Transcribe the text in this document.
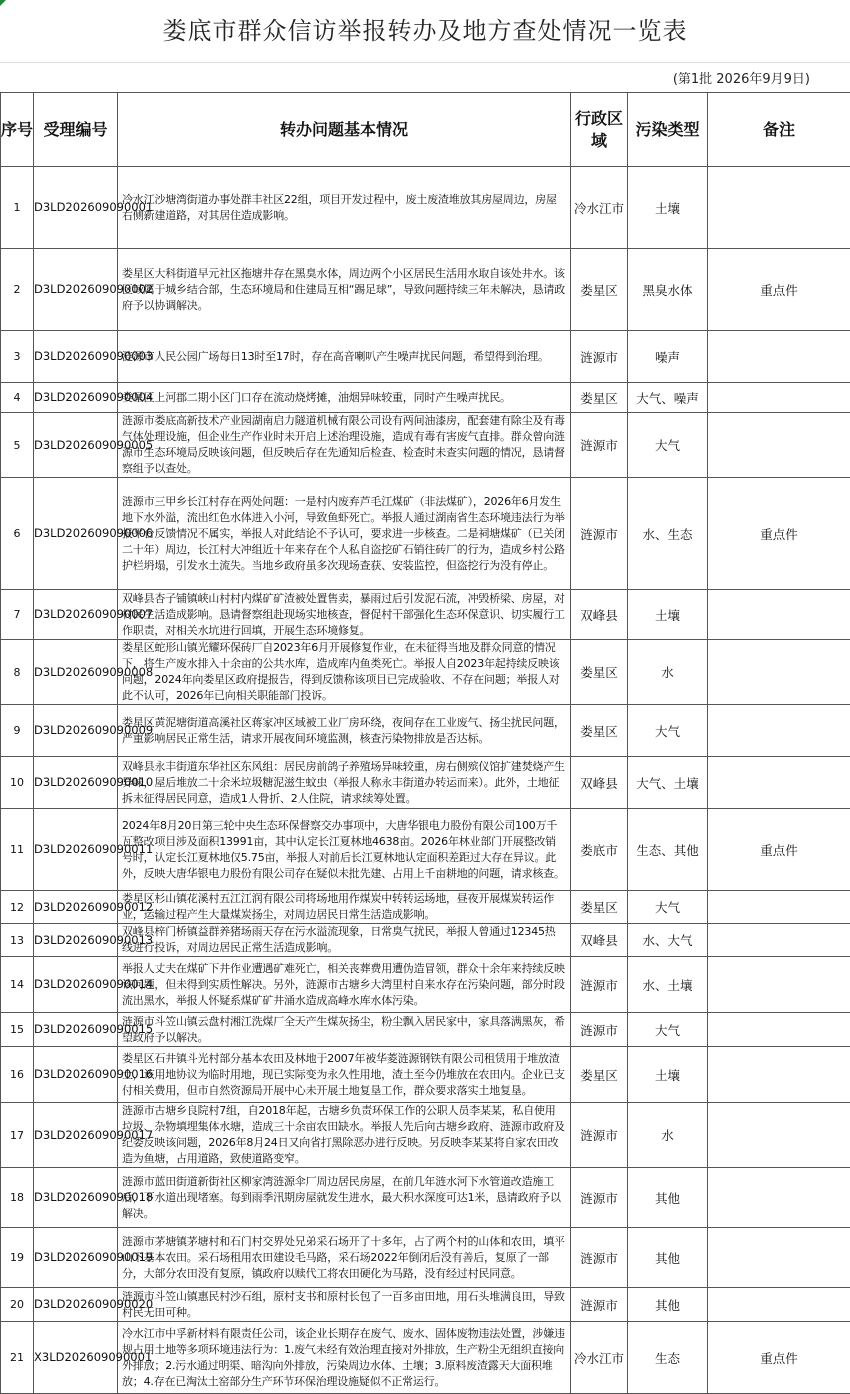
娄底市群众信访举报转办及地方查处情况一览表
(第1批 2026年9月9日)
序号	受理编号	转办问题基本情况	行政区域	污染类型	备注
1	D3LD202609090001	冷水江沙塘湾街道办事处群丰社区22组，项目开发过程中，废土废渣堆放其房屋周边，房屋右侧新建道路，对其居住造成影响。	冷水江市	土壤	
2	D3LD202609090002	娄星区大科街道早元社区拖塘井存在黑臭水体，周边两个小区居民生活用水取自该处井水。该区域属于城乡结合部，生态环境局和住建局互相“踢足球”，导致问题持续三年未解决，恳请政府予以协调解决。	娄星区	黑臭水体	重点件
3	D3LD202609090003	涟源市人民公园广场每日13时至17时，存在高音喇叭产生噪声扰民问题，希望得到治理。	涟源市	噪声	
4	D3LD202609090004	娄星区上河郡二期小区门口存在流动烧烤摊，油烟异味较重，同时产生噪声扰民。	娄星区	大气、噪声	
5	D3LD202609090005	涟源市娄底高新技术产业园湖南启力隧道机械有限公司设有两间油漆房，配套建有除尘及有毒气体处理设施，但企业生产作业时未开启上述治理设施，造成有毒有害废气直排。群众曾向涟源市生态环境局反映该问题，但反映后存在先通知后检查、检查时未查实问题的情况，恳请督察组予以查处。	涟源市	大气	
6	D3LD202609090006	涟源市三甲乡长江村存在两处问题：一是村内废弃芦毛江煤矿（非法煤矿），2026年6月发生地下水外溢，流出红色水体进入小河，导致鱼虾死亡。举报人通过湖南省生态环境违法行为举报平台反馈情况不属实，举报人对此结论不予认可，要求进一步核查。二是祠塘煤矿（已关闭二十年）周边，长江村大冲组近十年来存在个人私自盗挖矿石销往砖厂的行为，造成乡村公路护栏坍塌，引发水土流失。当地乡政府虽多次现场查获、安装监控，但盗挖行为没有停止。	涟源市	水、生态	重点件
7	D3LD202609090007	双峰县杏子铺镇峡山村村内煤矿矿渣被处置售卖，暴雨过后引发泥石流，冲毁桥梁、房屋，对村民生活造成影响。恳请督察组赴现场实地核查，督促村干部强化生态环保意识、切实履行工作职责，对相关水坑进行回填，开展生态环境修复。	双峰县	土壤	
8	D3LD202609090008	娄星区蛇形山镇光耀环保砖厂自2023年6月开展修复作业，在未征得当地及群众同意的情况下，将生产废水排入十余亩的公共水库，造成库内鱼类死亡。举报人自2023年起持续反映该问题，2024年向娄星区政府提报告，得到反馈称该项目已完成验收、不存在问题；举报人对此不认可，2026年已向相关职能部门投诉。	娄星区	水	
9	D3LD202609090009	娄星区黄泥塘街道高溪社区蒋家冲区域被工业厂房环绕，夜间存在工业废气、扬尘扰民问题，严重影响居民正常生活，请求开展夜间环境监测，核查污染物排放是否达标。	娄星区	大气	
10	D3LD202609090010	双峰县永丰街道东华社区东风组：居民房前鸽子养殖场异味较重，房右侧殡仪馆扩建焚烧产生异味，屋后堆放二十余米垃圾糖泥滋生蚊虫（举报人称永丰街道办转运而来）。此外，土地征拆未征得居民同意，造成1人骨折、2人住院，请求续筹处置。	双峰县	大气、土壤	
11	D3LD202609090011	2024年8月20日第三轮中央生态环保督察交办事项中，大唐华银电力股份有限公司100万千瓦整改项目涉及面积13991亩，其中认定长江夏林地4638亩。2026年林业部门开展整改销号时，认定长江夏林地仅5.75亩，举报人对前后长江夏林地认定面积差距过大存在异议。此外，反映大唐华银电力股份有限公司存在疑似未批先建、占用上千亩耕地的问题，请求核查。	娄底市	生态、其他	重点件
12	D3LD202609090012	娄星区杉山镇花溪村五江江润有限公司将场地用作煤炭中转转运场地，昼夜开展煤炭转运作业，运输过程产生大量煤炭扬尘，对周边居民日常生活造成影响。	娄星区	大气	
13	D3LD202609090013	双峰县梓门桥镇益群养猪场雨天存在污水溢流现象，日常臭气扰民，举报人曾通过12345热线进行投诉，对周边居民正常生活造成影响。	双峰县	水、大气	
14	D3LD202609090014	举报人丈夫在煤矿下井作业遭遇矿难死亡，相关丧葬费用遭伪造冒领，群众十余年来持续反映该问题，但未得到实质性解决。另外，涟源市古塘乡大湾里村自来水存在污染问题，部分时段流出黑水，举报人怀疑系煤矿矿井涌水造成高峰水库水体污染。	涟源市	水、土壤	
15	D3LD202609090015	涟源市斗笠山镇云盘村湘江洗煤厂全天产生煤灰扬尘，粉尘飘入居民家中，家具落满黑灰，希望政府予以解决。	涟源市	大气	
16	D3LD202609090016	娄星区石井镇斗光村部分基本农田及林地于2007年被华菱涟源钢铁有限公司租赁用于堆放渣土，该用地协议为临时用地，现已实际变为永久性用地，渣土至今仍堆放在农田内。企业已支付相关费用，但市自然资源局开展中心未开展土地复垦工作，群众要求落实土地复垦。	娄星区	土壤	
17	D3LD202609090017	涟源市古塘乡良院村7组，自2018年起，古塘乡负责环保工作的公职人员李某某，私自使用垃圾、杂物填埋集体水塘，造成三十余亩农田缺水。举报人先后向古塘乡政府、涟源市政府及纪委反映该问题，2026年8月24日又向省打黑除恶办进行反映。另反映李某某将自家农田改造为鱼塘，占用道路，致使道路变窄。	涟源市	水	
18	D3LD202609090018	涟源市蓝田街道新街社区柳家湾涟源伞厂周边居民房屋，在前几年涟水河下水管道改造施工后，下水道出现堵塞。每到雨季汛期房屋就发生进水，最大积水深度可达1米，恳请政府予以解决。	涟源市	其他	
19	D3LD202609090019	涟源市茅塘镇茅塘村和石门村交界处兄弟采石场开了十多年，占了两个村的山体和农田，填平山下基本农田。采石场租用农田建设毛马路，采石场2022年倒闭后没有善后，复原了一部分，大部分农田没有复原，镇政府以赎代工将农田硬化为马路，没有经过村民同意。	涟源市	其他	
20	D3LD202609090020	涟源市斗笠山镇惠民村沙石组，原村支书和原村长包了一百多亩田地，用石头堆满良田，导致村民无田可种。	涟源市	其他	
21	X3LD202609090001	冷水江市中孚新材料有限责任公司，该企业长期存在废气、废水、固体废物违法处置，涉嫌违规占用土地等多项环境违法行为：1.废气未经有效治理直接对外排放，生产粉尘无组织直接向外排放；2.污水通过明渠、暗沟向外排放，污染周边水体、土壤；3.原料废渣露天大面积堆放；4.存在已淘汰土窑部分生产环节环保治理设施疑似不正常运行。	冷水江市	生态	重点件
